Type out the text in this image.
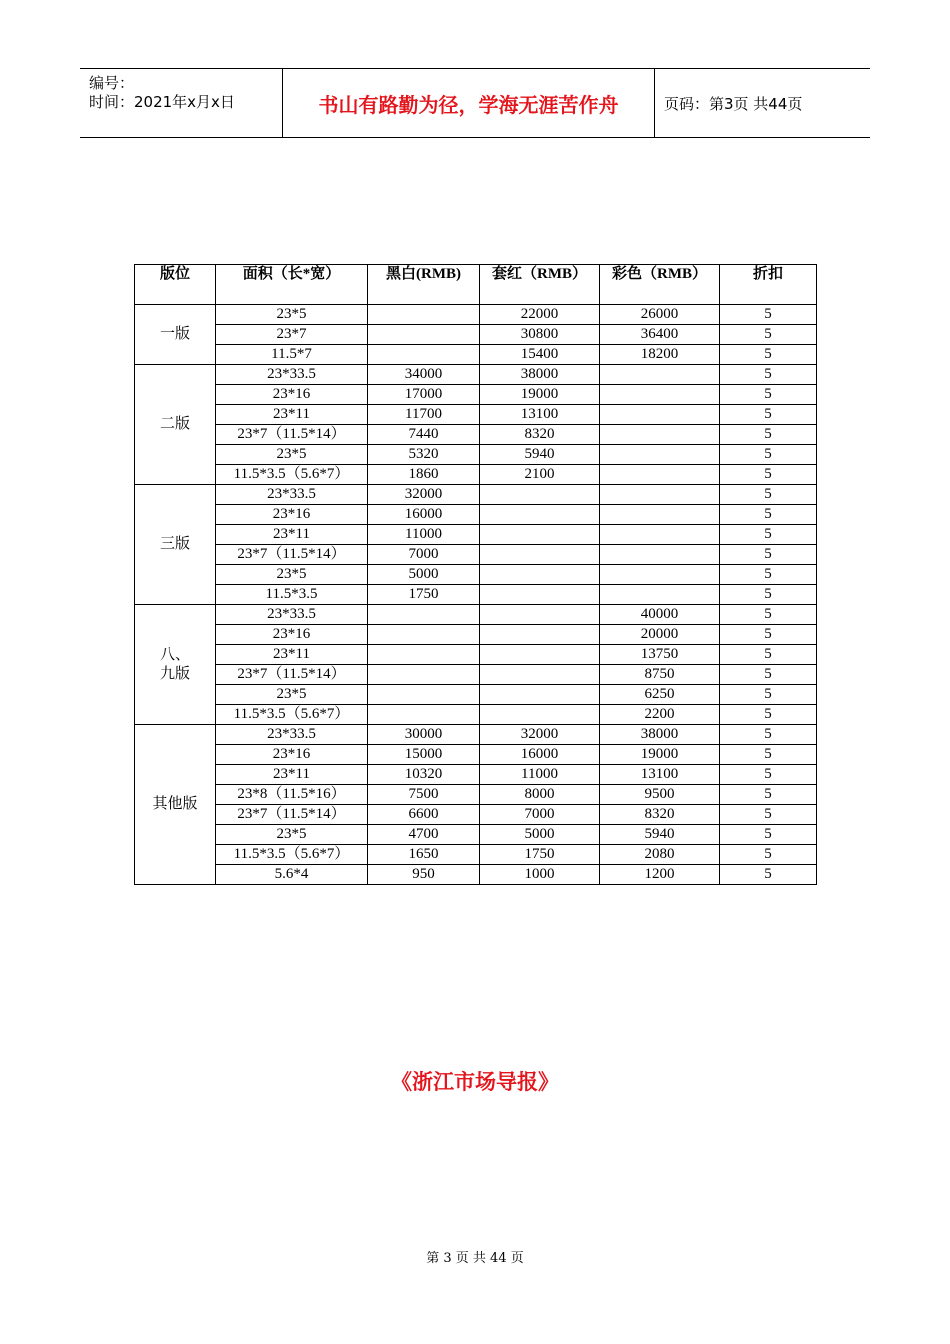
编号：
时间：2021年x月x日	书山有路勤为径，学海无涯苦作舟	页码：第3页 共44页
版位	面积（长*宽）	黑白(RMB)	套红（RMB）	彩色（RMB）	折扣
一版	23*5		22000	26000	5
	23*7		30800	36400	5
	11.5*7		15400	18200	5
二版	23*33.5	34000	38000		5
	23*16	17000	19000		5
	23*11	11700	13100		5
	23*7（11.5*14）	7440	8320		5
	23*5	5320	5940		5
	11.5*3.5（5.6*7）	1860	2100		5
三版	23*33.5	32000			5
	23*16	16000			5
	23*11	11000			5
	23*7（11.5*14）	7000			5
	23*5	5000			5
	11.5*3.5	1750			5
八、九版	23*33.5			40000	5
	23*16			20000	5
	23*11			13750	5
	23*7（11.5*14）			8750	5
	23*5			6250	5
	11.5*3.5（5.6*7）			2200	5
其他版	23*33.5	30000	32000	38000	5
	23*16	15000	16000	19000	5
	23*11	10320	11000	13100	5
	23*8（11.5*16）	7500	8000	9500	5
	23*7（11.5*14）	6600	7000	8320	5
	23*5	4700	5000	5940	5
	11.5*3.5（5.6*7）	1650	1750	2080	5
	5.6*4	950	1000	1200	5
《浙江市场导报》
第 3 页 共 44 页
